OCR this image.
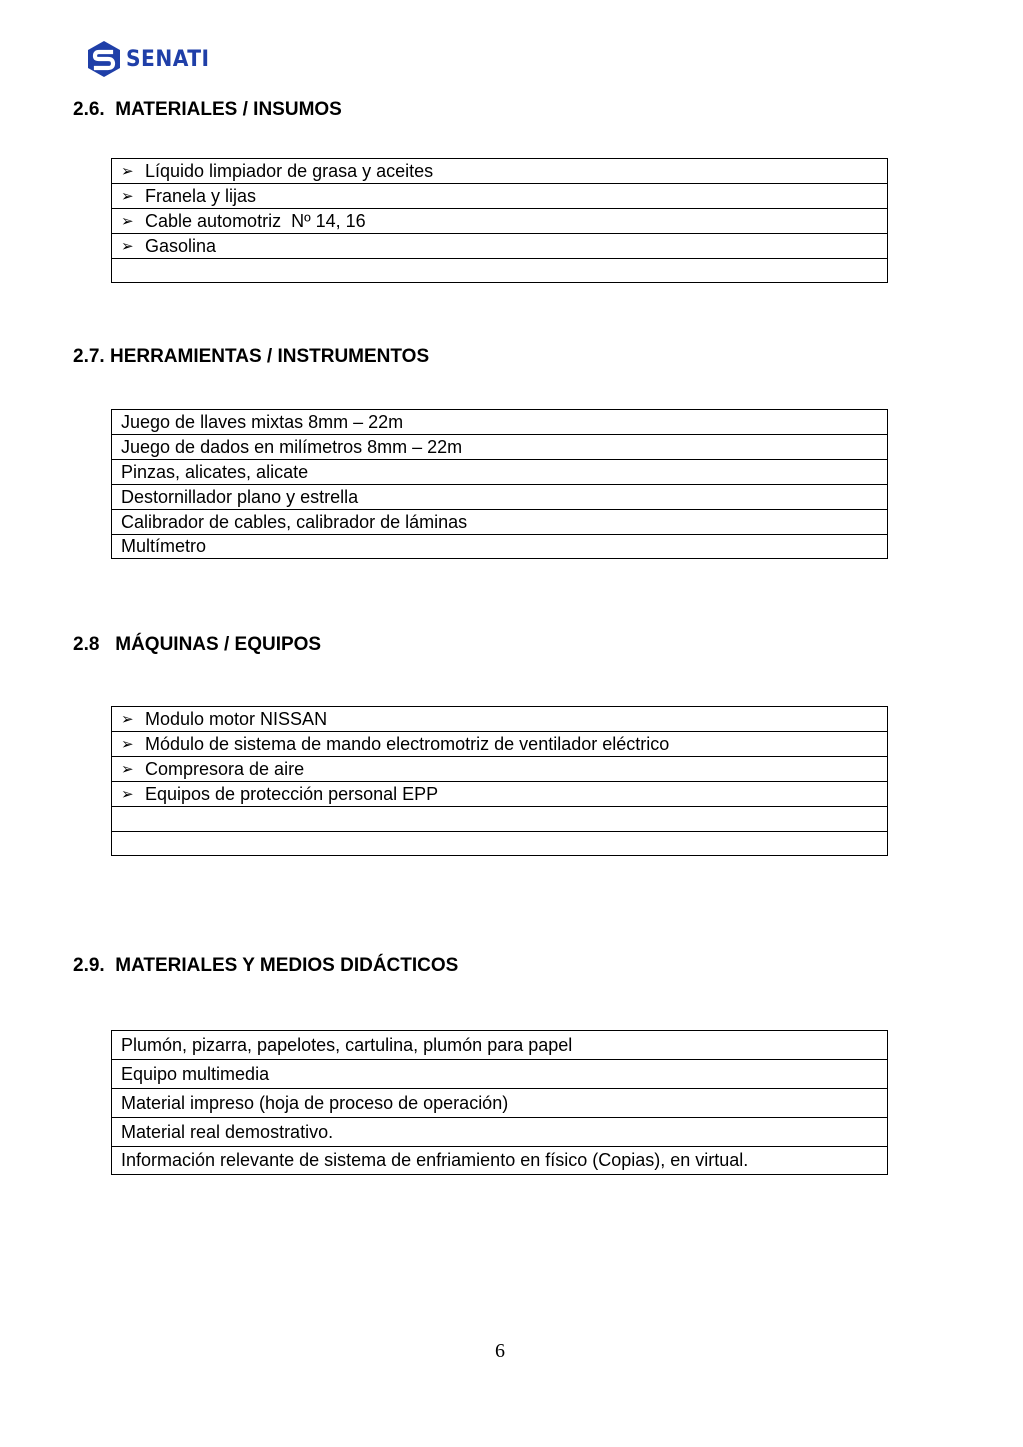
SENATI
2.6.  MATERIALES / INSUMOS
➢ Líquido limpiador de grasa y aceites
➢ Franela y lijas
➢ Cable automotriz  Nº 14, 16
➢ Gasolina
2.7. HERRAMIENTAS / INSTRUMENTOS
Juego de llaves mixtas 8mm – 22m
Juego de dados en milímetros 8mm – 22m
Pinzas, alicates, alicate
Destornillador plano y estrella
Calibrador de cables, calibrador de láminas
Multímetro
2.8   MÁQUINAS / EQUIPOS
➢ Modulo motor NISSAN
➢ Módulo de sistema de mando electromotriz de ventilador eléctrico
➢ Compresora de aire
➢ Equipos de protección personal EPP
2.9.  MATERIALES Y MEDIOS DIDÁCTICOS
Plumón, pizarra, papelotes, cartulina, plumón para papel
Equipo multimedia
Material impreso (hoja de proceso de operación)
Material real demostrativo.
Información relevante de sistema de enfriamiento en físico (Copias), en virtual.
6
